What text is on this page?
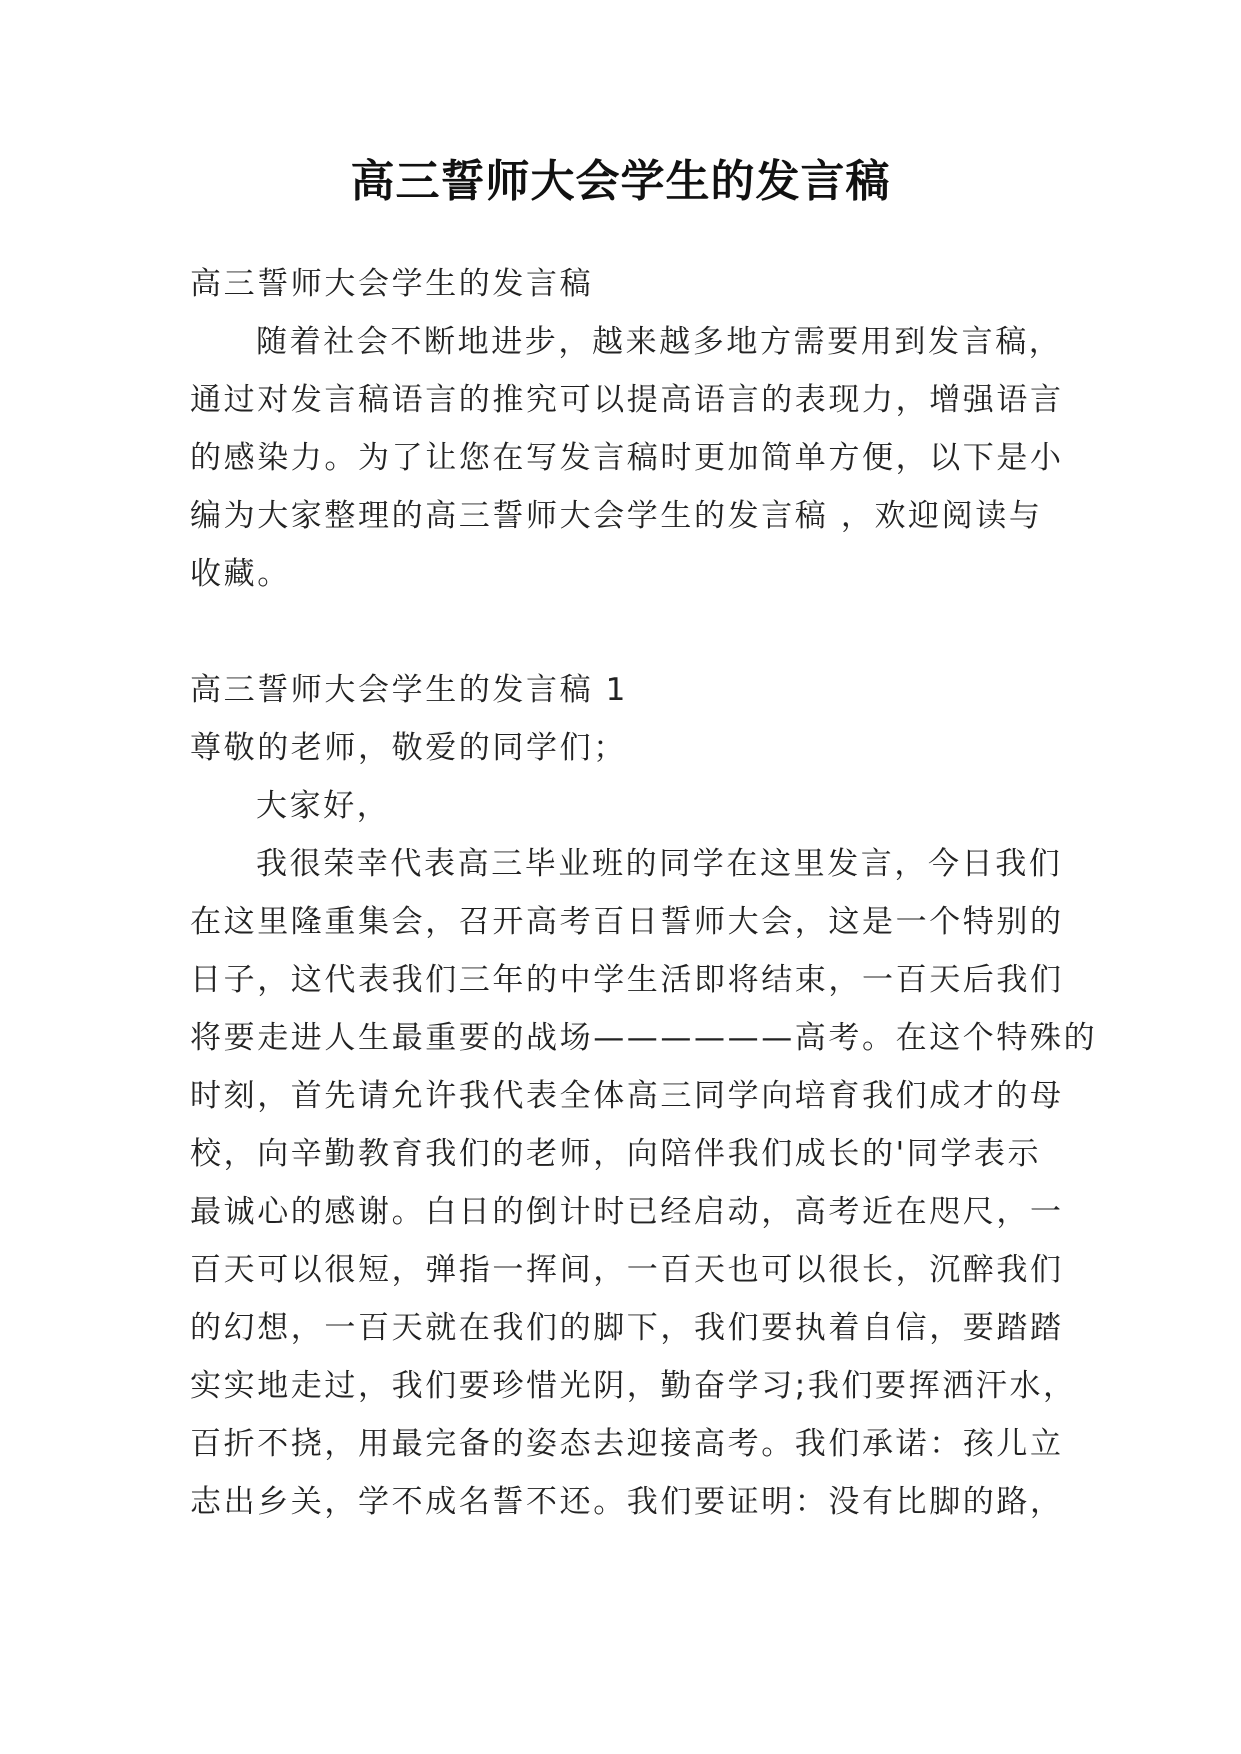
高三誓师大会学生的发言稿
高三誓师大会学生的发言稿
随着社会不断地进步，越来越多地方需要用到发言稿，
通过对发言稿语言的推究可以提高语言的表现力，增强语言
的感染力。为了让您在写发言稿时更加简单方便，以下是小
编为大家整理的高三誓师大会学生的发言稿 ，欢迎阅读与
收藏。
高三誓师大会学生的发言稿 1
尊敬的老师，敬爱的同学们；
大家好，
我很荣幸代表高三毕业班的同学在这里发言，今日我们
在这里隆重集会，召开高考百日誓师大会，这是一个特别的
日子，这代表我们三年的中学生活即将结束，一百天后我们
将要走进人生最重要的战场——————高考。在这个特殊的
时刻，首先请允许我代表全体高三同学向培育我们成才的母
校，向辛勤教育我们的老师，向陪伴我们成长的'同学表示
最诚心的感谢。白日的倒计时已经启动，高考近在咫尺，一
百天可以很短，弹指一挥间，一百天也可以很长，沉醉我们
的幻想，一百天就在我们的脚下，我们要执着自信，要踏踏
实实地走过，我们要珍惜光阴，勤奋学习;我们要挥洒汗水，
百折不挠，用最完备的姿态去迎接高考。我们承诺：孩儿立
志出乡关，学不成名誓不还。我们要证明：没有比脚的路，
